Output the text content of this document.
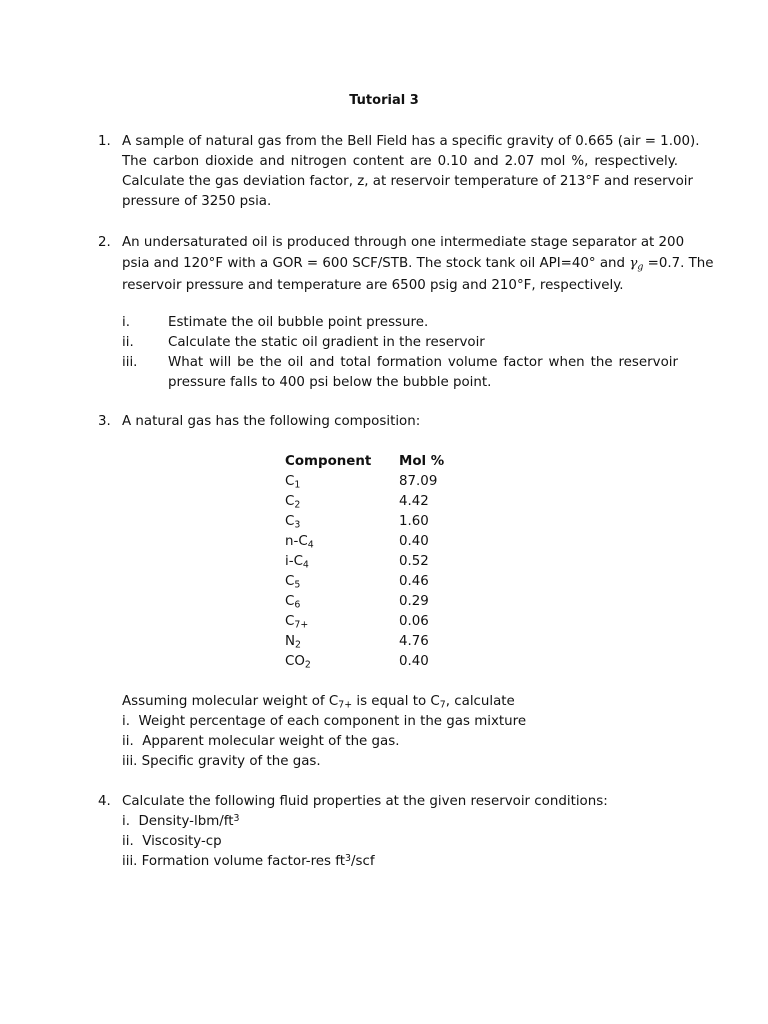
Tutorial 3
1. A sample of natural gas from the Bell Field has a specific gravity of 0.665 (air = 1.00).
The carbon dioxide and nitrogen content are 0.10 and 2.07 mol %, respectively.
Calculate the gas deviation factor, z, at reservoir temperature of 213°F and reservoir
pressure of 3250 psia.
2. An undersaturated oil is produced through one intermediate stage separator at 200
psia and 120°F with a GOR = 600 SCF/STB. The stock tank oil API=40° and $\gamma_g =0.7$. The
reservoir pressure and temperature are 6500 psig and 210°F, respectively.
i.	Estimate the oil bubble point pressure.
ii.	Calculate the static oil gradient in the reservoir
iii. What will be the oil and total formation volume factor when the reservoir pressure falls to 400 psi below the bubble point.
3. A natural gas has the following composition:
Component	Mol %
$C_1$	87.09
$C_2$	4.42
$C_3$	1.60
$n-C_4$	0.40
$i-C_4$	0.52
$C_5$	0.46
$C_6$	0.29
$C_{7+}$	0.06
$N_2$	4.76
$CO_2$	0.40
Assuming molecular weight of $C_{7+}$ is equal to $C_7$, calculate
i.  Weight percentage of each component in the gas mixture
ii.  Apparent molecular weight of the gas.
iii. Specific gravity of the gas.
4. Calculate the following fluid properties at the given reservoir conditions:
i.  Density-$lbm/ft^3$
ii.  Viscosity-cp
iii. Formation volume factor-res $ft^3$/scf
